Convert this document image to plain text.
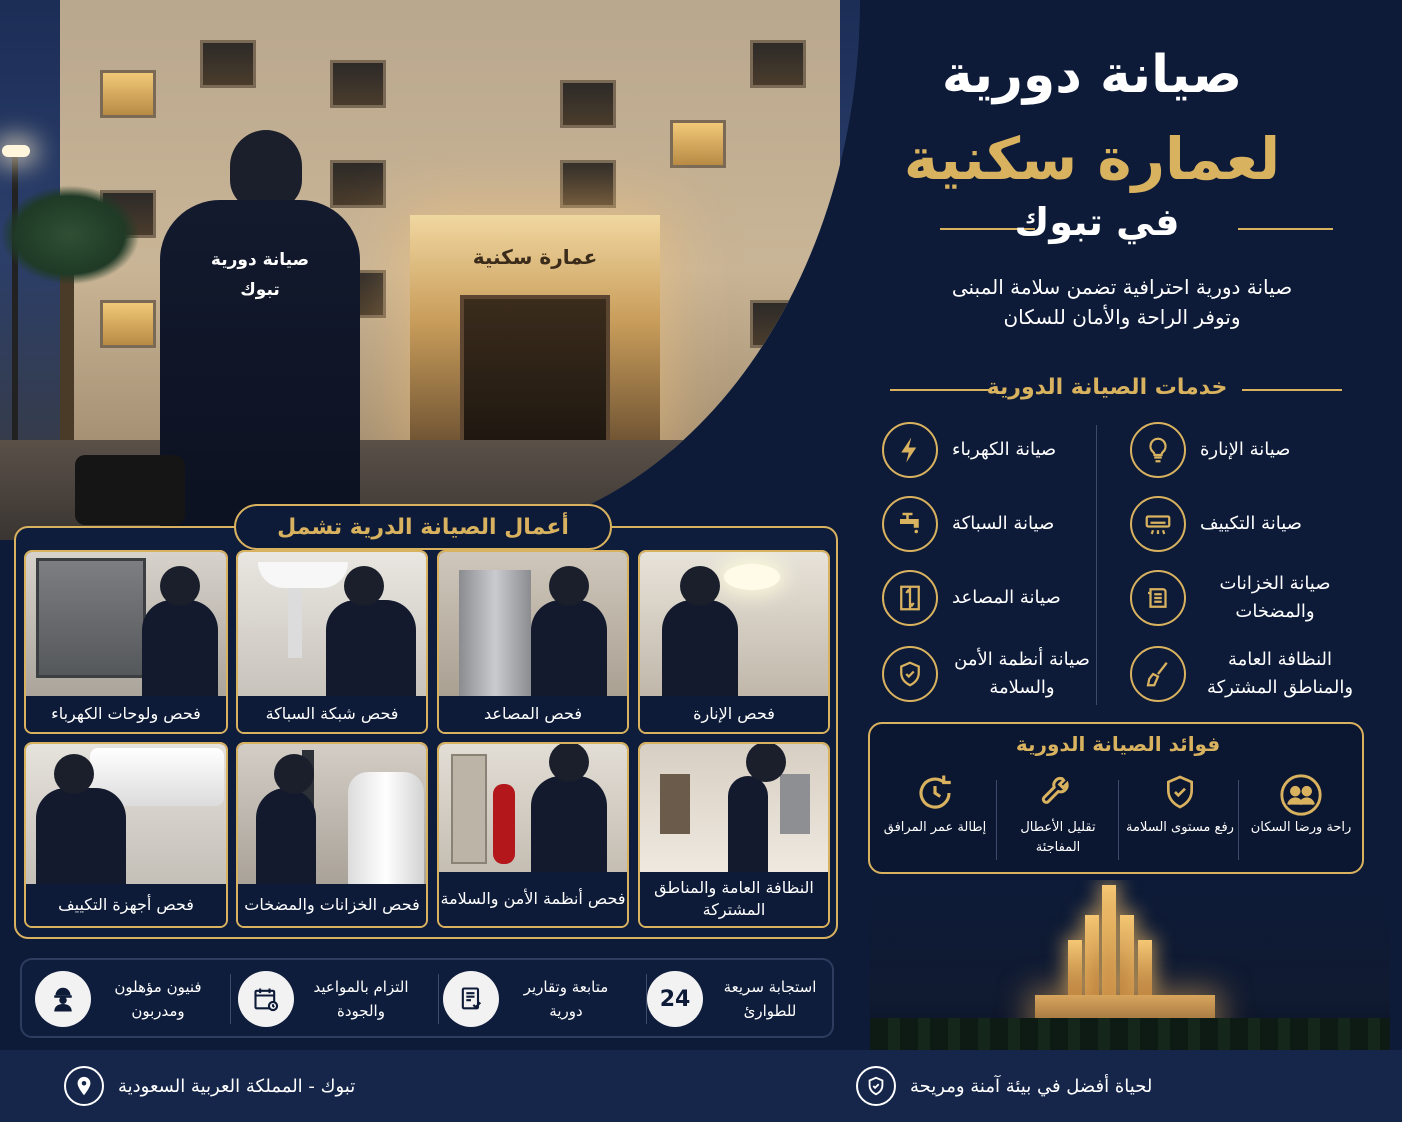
عمارة سكنية
صيانة دورية
تبوك
صيانة دورية
لعمارة سكنية
في تبوك
صيانة دورية احترافية تضمن سلامة المبنى
وتوفر الراحة والأمان للسكان
خدمات الصيانة الدورية
صيانة الإنارة
صيانة التكييف
صيانة الخزانات والمضخات
النظافة العامة والمناطق المشتركة
صيانة الكهرباء
صيانة السباكة
صيانة المصاعد
صيانة أنظمة الأمن والسلامة
فوائد الصيانة الدورية
راحة ورضا السكان
رفع مستوى السلامة
تقليل الأعطال المفاجئة
إطالة عمر المرافق
أعمال الصيانة الدرية تشمل
فحص الإنارة
فحص المصاعد
فحص شبكة السباكة
فحص ولوحات الكهرباء
النظافة العامة والمناطق المشتركة
فحص أنظمة الأمن والسلامة
فحص الخزانات والمضخات
فحص أجهزة التكييف
24	استجابة سريعة للطوارئ
متابعة وتقارير دورية
التزام بالمواعيد والجودة
فنيون مؤهلون ومدربون
لحياة أفضل في بيئة آمنة ومريحة
تبوك - المملكة العربية السعودية
